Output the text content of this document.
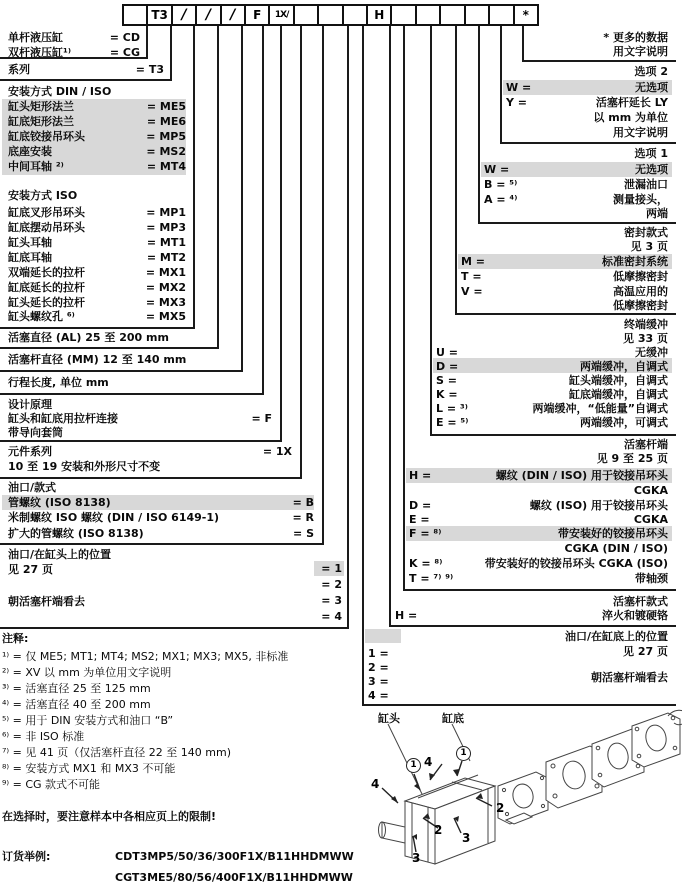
T3 /	/	/	F	1X/	H	*
单杆液压缸	= CD
双杆液压缸¹⁾	= CG
系列	= T3
安装方式 DIN / ISO
缸头矩形法兰	= ME5
缸底矩形法兰	= ME6
缸底铰接吊环头	= MP5
底座安装	= MS2
中间耳轴 ²⁾	= MT4
安装方式 ISO
缸底叉形吊环头	= MP1
缸底摆动吊环头	= MP3
缸头耳轴	= MT1
缸底耳轴	= MT2
双端延长的拉杆	= MX1
缸底延长的拉杆	= MX2
缸头延长的拉杆	= MX3
缸头螺纹孔 ⁶⁾	= MX5
活塞直径 (AL) 25 至 200 mm
活塞杆直径 (MM) 12 至 140 mm
行程长度, 单位 mm
设计原理
缸头和缸底用拉杆连接	= F
带导向套筒
元件系列	= 1X
10 至 19 安装和外形尺寸不变
油口/款式
管螺纹 (ISO 8138)	= B
米制螺纹 ISO 螺纹 (DIN / ISO 6149-1)	= R
扩大的管螺纹 (ISO 8138)	= S
油口/在缸头上的位置
见 27 页	= 1
= 2
朝活塞杆端看去	= 3
= 4
* 更多的数据
用文字说明
选项 2
W =	无选项
Y =	活塞杆延长 LY
以 mm 为单位
用文字说明
选项 1
W =	无选项
B = ⁵⁾	泄漏油口
A = ⁴⁾	测量接头，
两端
密封款式
见 3 页
M =	标准密封系统
T =	低摩擦密封
V =	高温应用的
低摩擦密封
终端缓冲
见 33 页
U =	无缓冲
D =	两端缓冲，自调式
S =	缸头端缓冲，自调式
K =	缸底端缓冲，自调式
L = ³⁾	两端缓冲，“低能量”自调式
E = ⁵⁾	两端缓冲，可调式
活塞杆端
见 9 至 25 页
H =	螺纹 (DIN / ISO) 用于铰接吊环头
CGKA
D =	螺纹 (ISO) 用于铰接吊环头
E =	CGKA
F = ⁸⁾	带安装好的铰接吊环头
CGKA (DIN / ISO)
K = ⁸⁾	带安装好的铰接吊环头 CGKA (ISO)
T = ⁷⁾ ⁹⁾	带轴颈
活塞杆款式
H =	淬火和镀硬铬
油口/在缸底上的位置
见 27 页
1 =
2 =
3 =
4 =
朝活塞杆端看去
注释:
¹⁾ = 仅 ME5; MT1; MT4; MS2; MX1; MX3; MX5, 非标准
²⁾ = XV 以 mm 为单位用文字说明
³⁾ = 活塞直径 25 至 125 mm
⁴⁾ = 活塞直径 40 至 200 mm
⁵⁾ = 用于 DIN 安装方式和油口 “B”
⁶⁾ = 非 ISO 标准
⁷⁾ = 见 41 页（仅活塞杆直径 22 至 140 mm)
⁸⁾ = 安装方式 MX1 和 MX3 不可能
⁹⁾ = CG 款式不可能
在选择时，要注意样本中各相应页上的限制!
订货举例:	CDT3MP5/50/36/300F1X/B11HHDMWW
CGT3ME5/80/56/400F1X/B11HHDMWW
缸头	缸底
4
1 4
1
2
2
3
3
